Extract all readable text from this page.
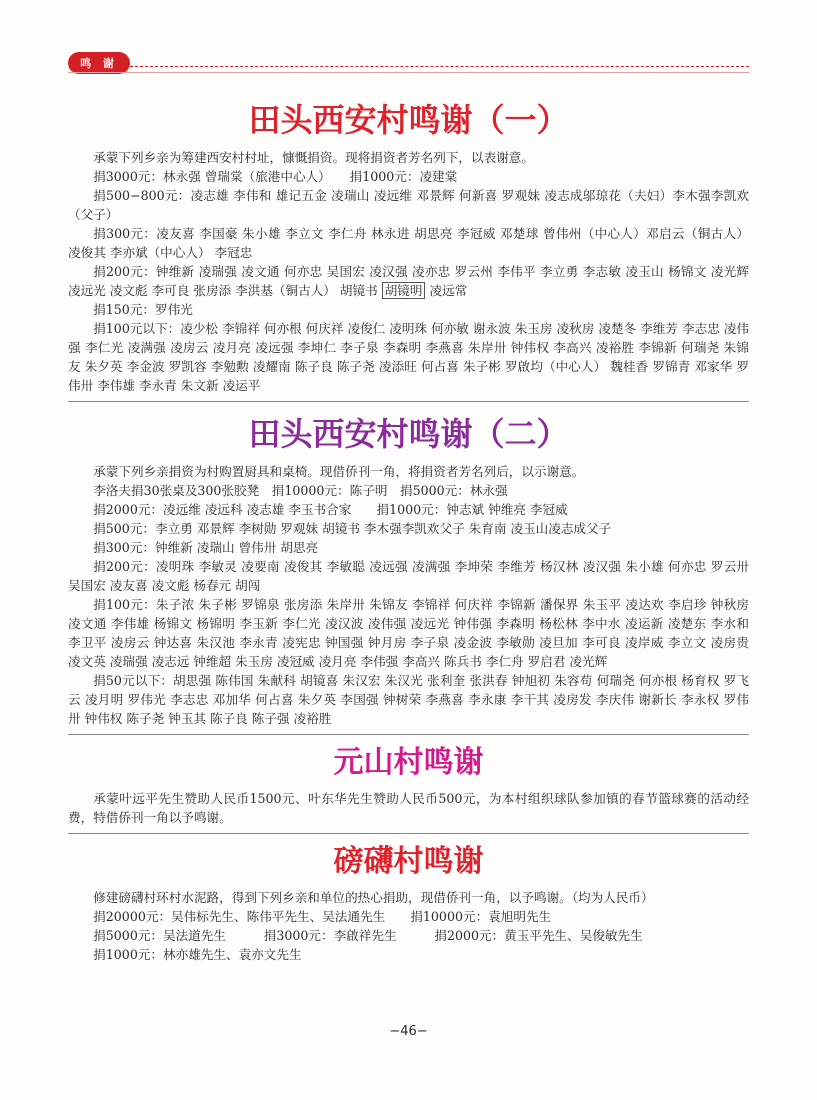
鸣 谢
田头西安村鸣谢（一）

承蒙下列乡亲为筹建西安村村址，慷慨捐资。现将捐资者芳名列下，以表谢意。

捐3000元：林永强 曾瑞棠（旅港中心人）　　捐1000元：凌建棠

捐500−800元：凌志雄 李伟和 雄记五金 凌瑞山 凌远维 邓景辉 何新喜 罗观妹 凌志成邬琼花（夫妇）李木强李凯欢（父子）

捐300元：凌友喜 李国豪 朱小雄 李立文 李仁舟 林永进 胡思亮 李冠威 邓楚球 曾伟州（中心人）邓启云（铜古人） 凌俊其 李亦斌（中心人） 李冠忠

捐200元：钟维新 凌瑞强 凌文通 何亦忠 吴国宏 凌汉强 凌亦忠 罗云州 李伟平 李立勇 李志敏 凌玉山 杨锦文 凌光辉 凌远光 凌文彪 李可良 张房添 李洪基（铜古人） 胡镜书 胡镜明 凌远常

捐150元：罗伟光

捐100元以下：凌少松 李锦祥 何亦根 何庆祥 凌俊仁 凌明珠 何亦敏 谢永波 朱玉房 凌秋房 凌楚冬 李维芳 李志忠 凌伟强 李仁光 凌满强 凌房云 凌月亮 凌远强 李坤仁 李子泉 李森明 李燕喜 朱岸卅 钟伟权 李高兴 凌裕胜 李锦新 何瑞尧 朱锦友 朱夕英 李金波 罗凯容 李勉勲 凌耀南 陈子良 陈子尧 凌添旺 何占喜 朱子彬 罗啟均（中心人） 魏桂香 罗锦青 邓家华 罗伟卅 李伟雄 李永青 朱文新 凌运平

田头西安村鸣谢（二）

承蒙下列乡亲捐资为村购置厨具和桌椅。现借侨刊一角，将捐资者芳名列后，以示谢意。

李洛夫捐30张桌及300张胶凳　捐10000元：陈子明　捐5000元：林永强

捐2000元：凌远维 凌远科 凌志雄 李玉书合家　　捐1000元：钟志斌 钟维亮 李冠威

捐500元：李立勇 邓景辉 李树勋 罗观妹 胡镜书 李木强李凯欢父子 朱育南 凌玉山凌志成父子

捐300元：钟维新 凌瑞山 曾伟卅 胡思亮

捐200元：凌明珠 李敏灵 凌要南 凌俊其 李敏聪 凌远强 凌满强 李坤荣 李维芳 杨汉林 凌汉强 朱小雄 何亦忠 罗云卅 吴国宏 凌友喜 凌文彪 杨春元 胡闯

捐100元：朱子浓 朱子彬 罗锦泉 张房添 朱岸卅 朱锦友 李锦祥 何庆祥 李锦新 潘保界 朱玉平 凌达欢 李启珍 钟秋房 凌文通 李伟雄 杨锦文 杨锦明 李玉新 李仁光 凌汉波 凌伟强 凌远光 钟伟强 李森明 杨松林 李中水 凌运新 凌楚东 李水和 李卫平 凌房云 钟达喜 朱汉池 李永青 凌宪忠 钟国强 钟月房 李子泉 凌金波 李敏勋 凌旦加 李可良 凌岸威 李立文 凌房贵 凌文英 凌瑞强 凌志远 钟维超 朱玉房 凌冠威 凌月亮 李伟强 李高兴 陈兵书 李仁舟 罗启君 凌光辉

捐50元以下：胡思强 陈伟国 朱献科 胡镜喜 朱汉宏 朱汉光 张利奎 张洪春 钟旭初 朱容苟 何瑞尧 何亦根 杨育权 罗飞云 凌月明 罗伟光 李志忠 邓加华 何占喜 朱夕英 李国强 钟树荣 李燕喜 李永康 李干其 凌房发 李庆伟 谢新长 李永权 罗伟卅 钟伟权 陈子尧 钟玉其 陈子良 陈子强 凌裕胜

元山村鸣谢

承蒙叶远平先生赞助人民币1500元、叶东华先生赞助人民币500元，为本村组织球队参加镇的春节篮球赛的活动经费，特借侨刊一角以予鸣谢。

磅礴村鸣谢

修建磅礴村环村水泥路，得到下列乡亲和单位的热心捐助，现借侨刊一角，以予鸣谢。（均为人民币）

捐20000元：吴伟标先生、陈伟平先生、吴法通先生　　捐10000元：袁旭明先生

捐5000元：吴法道先生　　　捐3000元：李啟祥先生　　　捐2000元：黄玉平先生、吴俊敏先生

捐1000元：林亦雄先生、袁亦文先生

−46−
